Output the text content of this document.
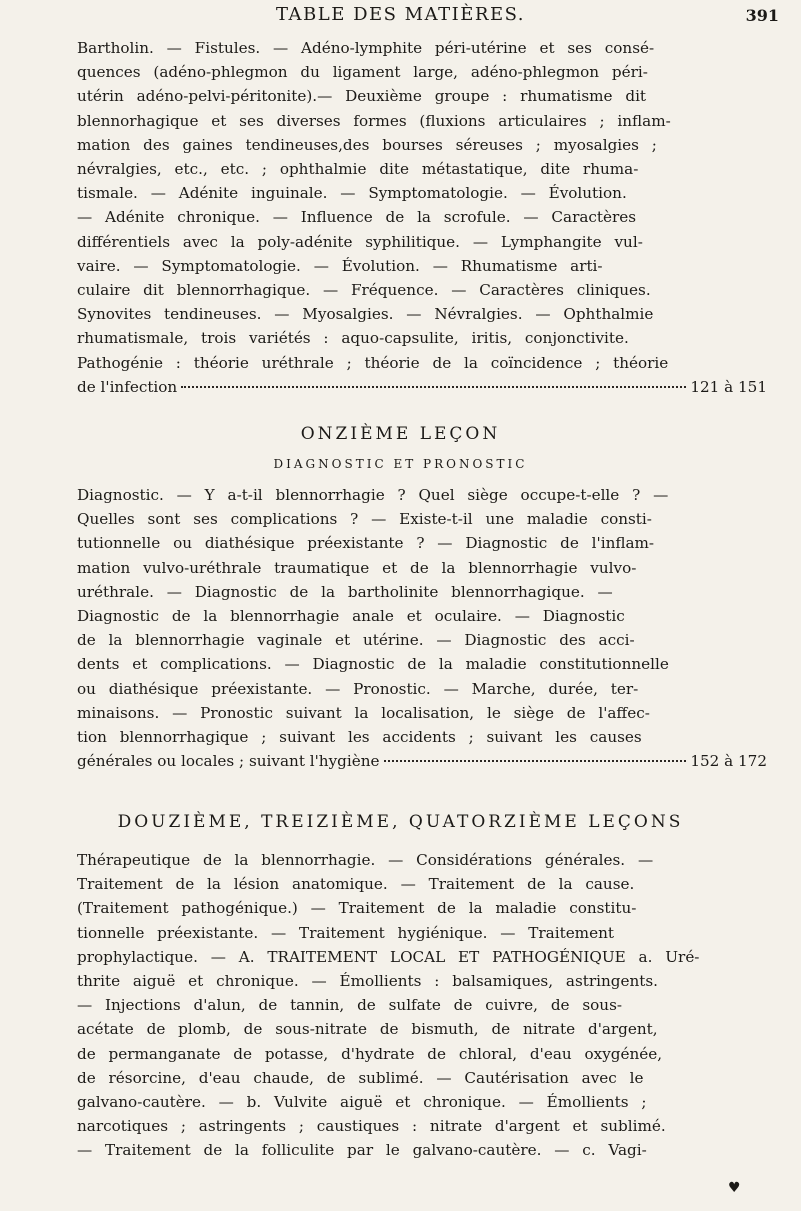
TABLE DES MATIÈRES.	391
Bartholin. — Fistules. — Adéno-lymphite péri-utérine et ses consé-
quences (adéno-phlegmon du ligament large, adéno-phlegmon péri-
utérin adéno-pelvi-péritonite).— Deuxième groupe : rhumatisme dit
blennorhagique et ses diverses formes (fluxions articulaires ; inflam-
mation des gaines tendineuses,des bourses séreuses ; myosalgies ;
névralgies, etc., etc. ; ophthalmie dite métastatique, dite rhuma-
tismale. — Adénite inguinale. — Symptomatologie. — Évolution.
— Adénite chronique. — Influence de la scrofule. — Caractères
différentiels avec la poly-adénite syphilitique. — Lymphangite vul-
vaire. — Symptomatologie. — Évolution. — Rhumatisme arti-
culaire dit blennorrhagique. — Fréquence. — Caractères cliniques.
Synovites tendineuses. — Myosalgies. — Névralgies. — Ophthalmie
rhumatismale, trois variétés : aquo-capsulite, iritis, conjonctivite.
Pathogénie : théorie uréthrale ; théorie de la coïncidence ; théorie
de l'infection	121 à 151
ONZIÈME LEÇON
DIAGNOSTIC ET PRONOSTIC
Diagnostic. — Y a-t-il blennorrhagie ? Quel siège occupe-t-elle ? —
Quelles sont ses complications ? — Existe-t-il une maladie consti-
tutionnelle ou diathésique préexistante ? — Diagnostic de l'inflam-
mation vulvo-uréthrale traumatique et de la blennorrhagie vulvo-
uréthrale. — Diagnostic de la bartholinite blennorrhagique. —
Diagnostic de la blennorrhagie anale et oculaire. — Diagnostic
de la blennorrhagie vaginale et utérine. — Diagnostic des acci-
dents et complications. — Diagnostic de la maladie constitutionnelle
ou diathésique préexistante. — Pronostic. — Marche, durée, ter-
minaisons. — Pronostic suivant la localisation, le siège de l'affec-
tion blennorrhagique ; suivant les accidents ; suivant les causes
générales ou locales ; suivant l'hygiène	152 à 172
DOUZIÈME, TREIZIÈME, QUATORZIÈME LEÇONS
Thérapeutique de la blennorrhagie. — Considérations générales. —
Traitement de la lésion anatomique. — Traitement de la cause.
(Traitement pathogénique.) — Traitement de la maladie constitu-
tionnelle préexistante. — Traitement hygiénique. — Traitement
prophylactique. — A. TRAITEMENT LOCAL ET PATHOGÉNIQUE a. Uré-
thrite aiguë et chronique. — Émollients : balsamiques, astringents.
— Injections d'alun, de tannin, de sulfate de cuivre, de sous-
acétate de plomb, de sous-nitrate de bismuth, de nitrate d'argent,
de permanganate de potasse, d'hydrate de chloral, d'eau oxygénée,
de résorcine, d'eau chaude, de sublimé. — Cautérisation avec le
galvano-cautère. — b. Vulvite aiguë et chronique. — Émollients ;
narcotiques ; astringents ; caustiques : nitrate d'argent et sublimé.
— Traitement de la folliculite par le galvano-cautère. — c. Vagi-
♥
